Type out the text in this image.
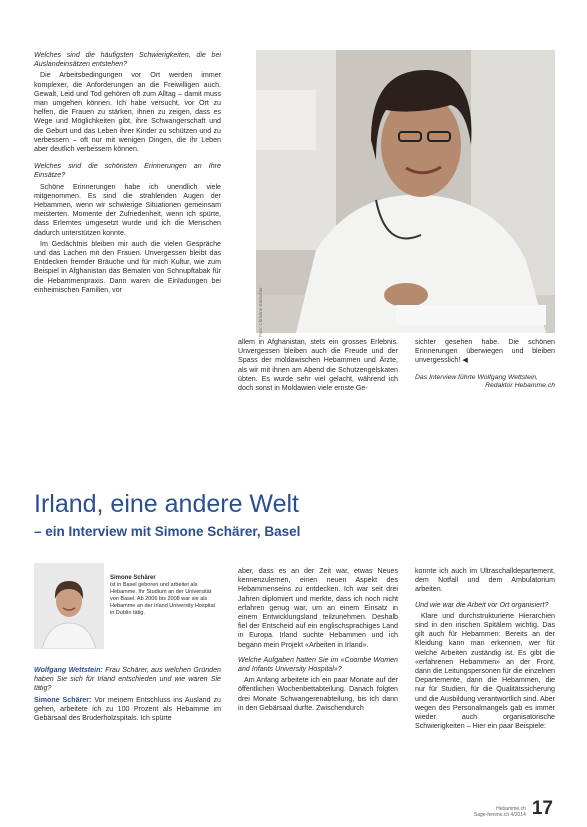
Welches sind die häufigsten Schwierigkeiten, die bei Auslandeinsätzen entstehen?

Die Arbeitsbedingungen vor Ort werden immer komplexer, die Anforderungen an die Freiwilligen auch. Gewalt, Leid und Tod gehören oft zum Alltag – damit muss man umgehen können. Ich habe versucht, vor Ort zu helfen, die Frauen zu stärken, ihnen zu zeigen, dass es Wege und Möglichkeiten gibt, ihre Schwangerschaft und die Geburt und das Leben ihrer Kinder zu schützen und zu verbessern – oft nur mit wenigen Dingen, die ihr Leben aber deutlich verbessern können.

Welches sind die schönsten Erinnerungen an Ihre Einsätze?

Schöne Erinnerungen habe ich unendlich viele mitgenommen. Es sind die strahlenden Augen der Hebammen, wenn wir schwierige Situationen gemeinsam meisterten. Momente der Zufriedenheit, wenn ich spürte, dass Erlerntes umgesetzt wurde und ich die Menschen dadurch unterstützen konnte.

Im Gedächtnis bleiben mir auch die vielen Gespräche und das Lachen mit den Frauen. Unvergessen bleibt das Entdecken fremder Bräuche und für mich Kultur, wie zum Beispiel in Afghanistan das Bemalen von Schnupftabak für die Hebammenpraxis. Dann waren die Einladungen bei einheimischen Familien, vor	Foto: Christine Bärlocher
allem in Afghanistan, stets ein grosses Erlebnis. Unvergessen bleiben auch die Freude und der Spass der moldawischen Hebammen und Ärzte, als wir mit ihnen am Abend die Schutzengelskaten übten. Es wurde sehr viel gelacht, während ich doch sonst in Moldawien viele ernste Ge-
sichter gesehen habe. Die schönen Erinnerungen überwiegen und bleiben unvergesslich! ◀
Das Interview führte Wolfgang Wettstein,
Redaktor Hebamme.ch
Irland, eine andere Welt
– ein Interview mit Simone Schärer, Basel
Simone Schärer
ist in Basel geboren und arbeitet als Hebamme. Ihr Studium an der Universität von Basel. Ab 2006 bis 2008 war sie als Hebamme an der Irland University Hospital in Dublin tätig.

Wolfgang Wettstein: Frau Schärer, aus welchen Gründen haben Sie sich für Irland entschieden und wie waren Sie tätig?

Simone Schärer: Vor meinem Entschluss ins Ausland zu gehen, arbeitete ich zu 100 Prozent als Hebamme im Gebärsaal des Bruderholzspitals. Ich spürte

aber, dass es an der Zeit war, etwas Neues kennenzulernen, einen neuen Aspekt des Hebammenseins zu entdecken. Ich war seit drei Jahren diplomiert und merkte, dass ich noch nicht erfahren genug war, um an einem Einsatz in einem Entwicklungsland teilzunehmen. Deshalb fiel der Entscheid auf ein englischsprachiges Land in Europa. Irland suchte Hebammen und ich begann mein Projekt «Arbeiten in Irland».

Welche Aufgaben hatten Sie im «Coombe Women and Infants University Hospital»?

Am Anfang arbeitete ich ein paar Monate auf der öffentlichen Wochenbettabteilung. Danach folgten drei Monate Schwangerenabteilung, bis ich dann in den Gebärsaal durfte. Zwischendurch

konnte ich auch im Ultraschalldepartement, dem Notfall und dem Ambulatorium arbeiten.

Und wie war die Arbeit vor Ort organisiert?

Klare und durchstrukturierte Hierarchien sind in den irischen Spitälern wichtig. Das gilt auch für Hebammen: Bereits an der Kleidung kann man erkennen, wer für welche Arbeiten zuständig ist. Es gibt die «erfahrenen Hebammen» an der Front, dann die Leitungspersonen für die einzelnen Departemente, dann die Hebammen, die nur für Studien, für die Qualitätssicherung und die Ausbildung verantwortlich sind. Aber wegen des Personalmangels gab es immer wieder auch organisatorische Schwierigkeiten – Hier ein paar Beispiele:

Hebamme.ch
Sage-femme.ch 4/2014 17
